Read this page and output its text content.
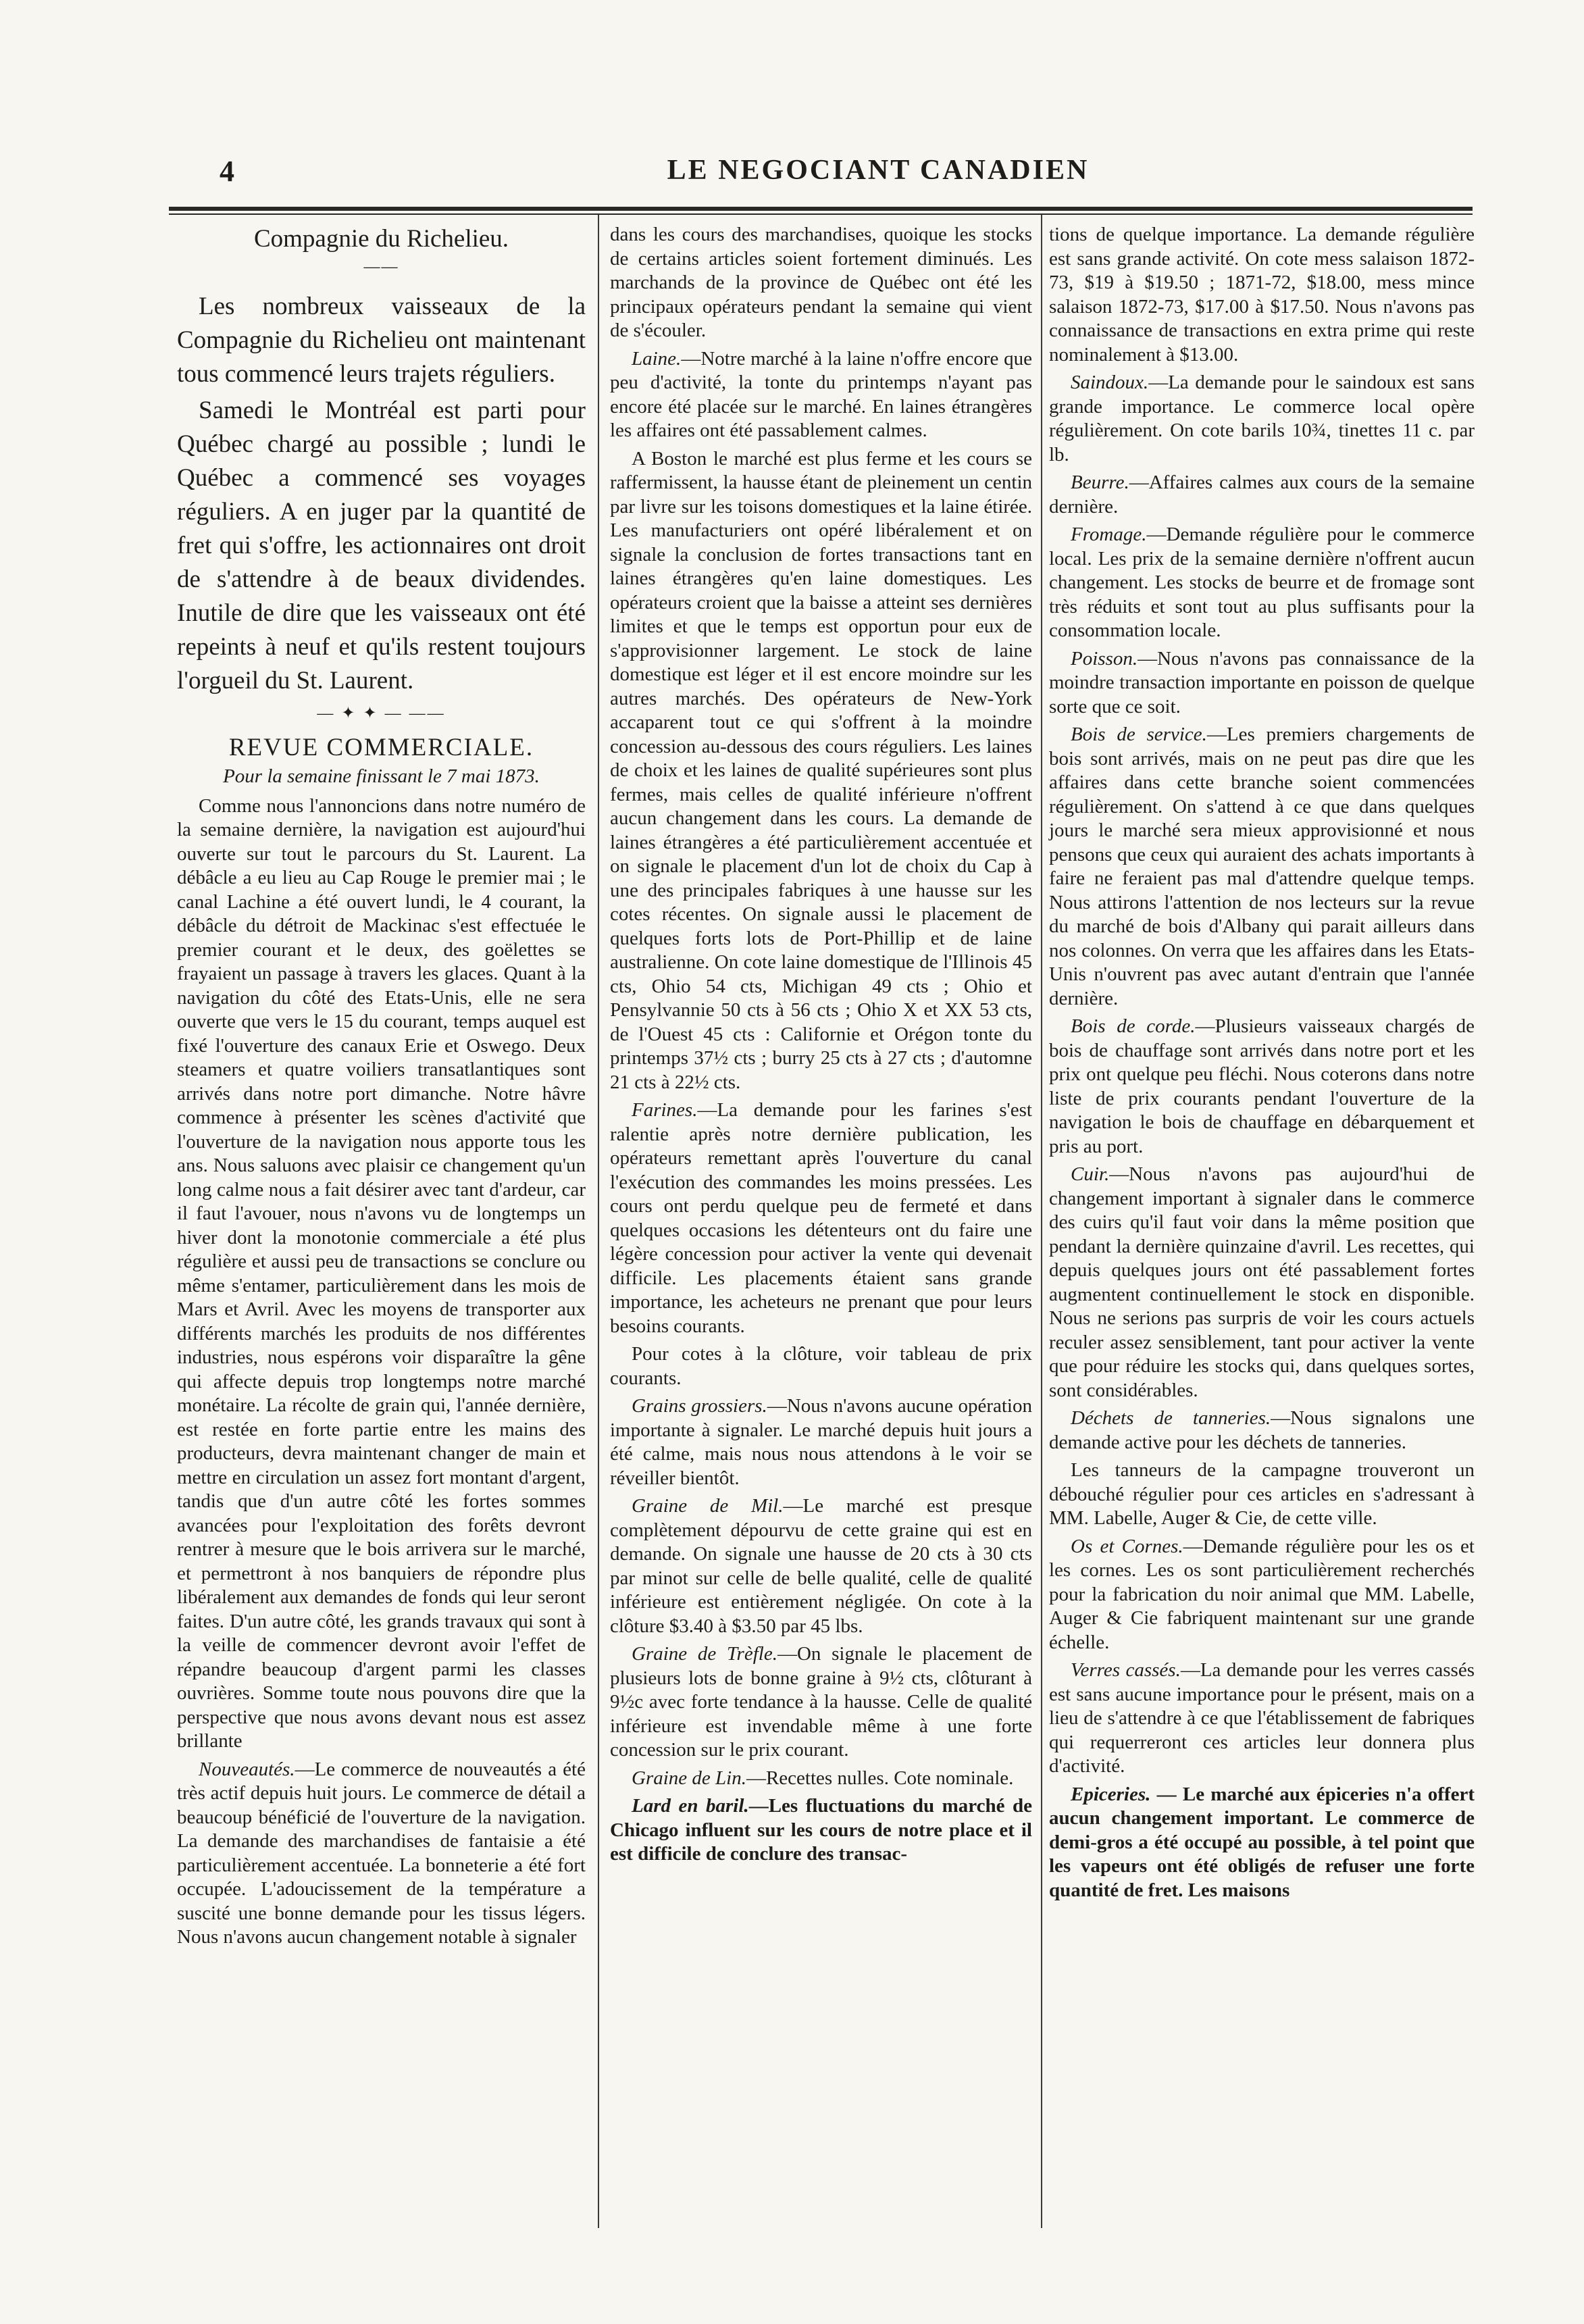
4	LE NEGOCIANT CANADIEN
Compagnie du Richelieu.
——

Les nombreux vaisseaux de la Compagnie du Richelieu ont maintenant tous commencé leurs trajets réguliers.

Samedi le Montréal est parti pour Québec chargé au possible ; lundi le Québec a commencé ses voyages réguliers. A en juger par la quantité de fret qui s'offre, les actionnaires ont droit de s'attendre à de beaux dividendes. Inutile de dire que les vaisseaux ont été repeints à neuf et qu'ils restent toujours l'orgueil du St. Laurent.

— ✦ ✦ — ——
REVUE COMMERCIALE.
Pour la semaine finissant le 7 mai 1873.

Comme nous l'annoncions dans notre numéro de la semaine dernière, la navigation est aujourd'hui ouverte sur tout le parcours du St. Laurent. La débâcle a eu lieu au Cap Rouge le premier mai ; le canal Lachine a été ouvert lundi, le 4 courant, la débâcle du détroit de Mackinac s'est effectuée le premier courant et le deux, des goëlettes se frayaient un passage à travers les glaces. Quant à la navigation du côté des Etats-Unis, elle ne sera ouverte que vers le 15 du courant, temps auquel est fixé l'ouverture des canaux Erie et Oswego. Deux steamers et quatre voiliers transatlantiques sont arrivés dans notre port dimanche. Notre hâvre commence à présenter les scènes d'activité que l'ouverture de la navigation nous apporte tous les ans. Nous saluons avec plaisir ce changement qu'un long calme nous a fait désirer avec tant d'ardeur, car il faut l'avouer, nous n'avons vu de longtemps un hiver dont la monotonie commerciale a été plus régulière et aussi peu de transactions se conclure ou même s'entamer, particulièrement dans les mois de Mars et Avril. Avec les moyens de transporter aux différents marchés les produits de nos différentes industries, nous espérons voir disparaître la gêne qui affecte depuis trop longtemps notre marché monétaire. La récolte de grain qui, l'année dernière, est restée en forte partie entre les mains des producteurs, devra maintenant changer de main et mettre en circulation un assez fort montant d'argent, tandis que d'un autre côté les fortes sommes avancées pour l'exploitation des forêts devront rentrer à mesure que le bois arrivera sur le marché, et permettront à nos banquiers de répondre plus libéralement aux demandes de fonds qui leur seront faites. D'un autre côté, les grands travaux qui sont à la veille de commencer devront avoir l'effet de répandre beaucoup d'argent parmi les classes ouvrières. Somme toute nous pouvons dire que la perspective que nous avons devant nous est assez brillante

Nouveautés.—Le commerce de nouveautés a été très actif depuis huit jours. Le commerce de détail a beaucoup bénéficié de l'ouverture de la navigation. La demande des marchandises de fantaisie a été particulièrement accentuée. La bonneterie a été fort occupée. L'adoucissement de la température a suscité une bonne demande pour les tissus légers. Nous n'avons aucun changement notable à signaler

dans les cours des marchandises, quoique les stocks de certains articles soient fortement diminués. Les marchands de la province de Québec ont été les principaux opérateurs pendant la semaine qui vient de s'écouler.

Laine.—Notre marché à la laine n'offre encore que peu d'activité, la tonte du printemps n'ayant pas encore été placée sur le marché. En laines étrangères les affaires ont été passablement calmes.

A Boston le marché est plus ferme et les cours se raffermissent, la hausse étant de pleinement un centin par livre sur les toisons domestiques et la laine étirée. Les manufacturiers ont opéré libéralement et on signale la conclusion de fortes transactions tant en laines étrangères qu'en laine domestiques. Les opérateurs croient que la baisse a atteint ses dernières limites et que le temps est opportun pour eux de s'approvisionner largement. Le stock de laine domestique est léger et il est encore moindre sur les autres marchés. Des opérateurs de New-York accaparent tout ce qui s'offrent à la moindre concession au-dessous des cours réguliers. Les laines de choix et les laines de qualité supérieures sont plus fermes, mais celles de qualité inférieure n'offrent aucun changement dans les cours. La demande de laines étrangères a été particulièrement accentuée et on signale le placement d'un lot de choix du Cap à une des principales fabriques à une hausse sur les cotes récentes. On signale aussi le placement de quelques forts lots de Port-Phillip et de laine australienne. On cote laine domestique de l'Illinois 45 cts, Ohio 54 cts, Michigan 49 cts ; Ohio et Pensylvannie 50 cts à 56 cts ; Ohio X et XX 53 cts, de l'Ouest 45 cts : Californie et Orégon tonte du printemps 37½ cts ; burry 25 cts à 27 cts ; d'automne 21 cts à 22½ cts.

Farines.—La demande pour les farines s'est ralentie après notre dernière publication, les opérateurs remettant après l'ouverture du canal l'exécution des commandes les moins pressées. Les cours ont perdu quelque peu de fermeté et dans quelques occasions les détenteurs ont du faire une légère concession pour activer la vente qui devenait difficile. Les placements étaient sans grande importance, les acheteurs ne prenant que pour leurs besoins courants.

Pour cotes à la clôture, voir tableau de prix courants.

Grains grossiers.—Nous n'avons aucune opération importante à signaler. Le marché depuis huit jours a été calme, mais nous nous attendons à le voir se réveiller bientôt.

Graine de Mil.—Le marché est presque complètement dépourvu de cette graine qui est en demande. On signale une hausse de 20 cts à 30 cts par minot sur celle de belle qualité, celle de qualité inférieure est entièrement négligée. On cote à la clôture $3.40 à $3.50 par 45 lbs.

Graine de Trèfle.—On signale le placement de plusieurs lots de bonne graine à 9½ cts, clôturant à 9½c avec forte tendance à la hausse. Celle de qualité inférieure est invendable même à une forte concession sur le prix courant.

Graine de Lin.—Recettes nulles. Cote nominale.

Lard en baril.—Les fluctuations du marché de Chicago influent sur les cours de notre place et il est difficile de conclure des transac-

tions de quelque importance. La demande régulière est sans grande activité. On cote mess salaison 1872-73, $19 à $19.50 ; 1871-72, $18.00, mess mince salaison 1872-73, $17.00 à $17.50. Nous n'avons pas connaissance de transactions en extra prime qui reste nominalement à $13.00.

Saindoux.—La demande pour le saindoux est sans grande importance. Le commerce local opère régulièrement. On cote barils 10¾, tinettes 11 c. par lb.

Beurre.—Affaires calmes aux cours de la semaine dernière.

Fromage.—Demande régulière pour le commerce local. Les prix de la semaine dernière n'offrent aucun changement. Les stocks de beurre et de fromage sont très réduits et sont tout au plus suffisants pour la consommation locale.

Poisson.—Nous n'avons pas connaissance de la moindre transaction importante en poisson de quelque sorte que ce soit.

Bois de service.—Les premiers chargements de bois sont arrivés, mais on ne peut pas dire que les affaires dans cette branche soient commencées régulièrement. On s'attend à ce que dans quelques jours le marché sera mieux approvisionné et nous pensons que ceux qui auraient des achats importants à faire ne feraient pas mal d'attendre quelque temps. Nous attirons l'attention de nos lecteurs sur la revue du marché de bois d'Albany qui parait ailleurs dans nos colonnes. On verra que les affaires dans les Etats-Unis n'ouvrent pas avec autant d'entrain que l'année dernière.

Bois de corde.—Plusieurs vaisseaux chargés de bois de chauffage sont arrivés dans notre port et les prix ont quelque peu fléchi. Nous coterons dans notre liste de prix courants pendant l'ouverture de la navigation le bois de chauffage en débarquement et pris au port.

Cuir.—Nous n'avons pas aujourd'hui de changement important à signaler dans le commerce des cuirs qu'il faut voir dans la même position que pendant la dernière quinzaine d'avril. Les recettes, qui depuis quelques jours ont été passablement fortes augmentent continuellement le stock en disponible. Nous ne serions pas surpris de voir les cours actuels reculer assez sensiblement, tant pour activer la vente que pour réduire les stocks qui, dans quelques sortes, sont considérables.

Déchets de tanneries.—Nous signalons une demande active pour les déchets de tanneries.

Les tanneurs de la campagne trouveront un débouché régulier pour ces articles en s'adressant à MM. Labelle, Auger & Cie, de cette ville.

Os et Cornes.—Demande régulière pour les os et les cornes. Les os sont particulièrement recherchés pour la fabrication du noir animal que MM. Labelle, Auger & Cie fabriquent maintenant sur une grande échelle.

Verres cassés.—La demande pour les verres cassés est sans aucune importance pour le présent, mais on a lieu de s'attendre à ce que l'établissement de fabriques qui requerreront ces articles leur donnera plus d'activité.

Epiceries. — Le marché aux épiceries n'a offert aucun changement important. Le commerce de demi-gros a été occupé au possible, à tel point que les vapeurs ont été obligés de refuser une forte quantité de fret. Les maisons
